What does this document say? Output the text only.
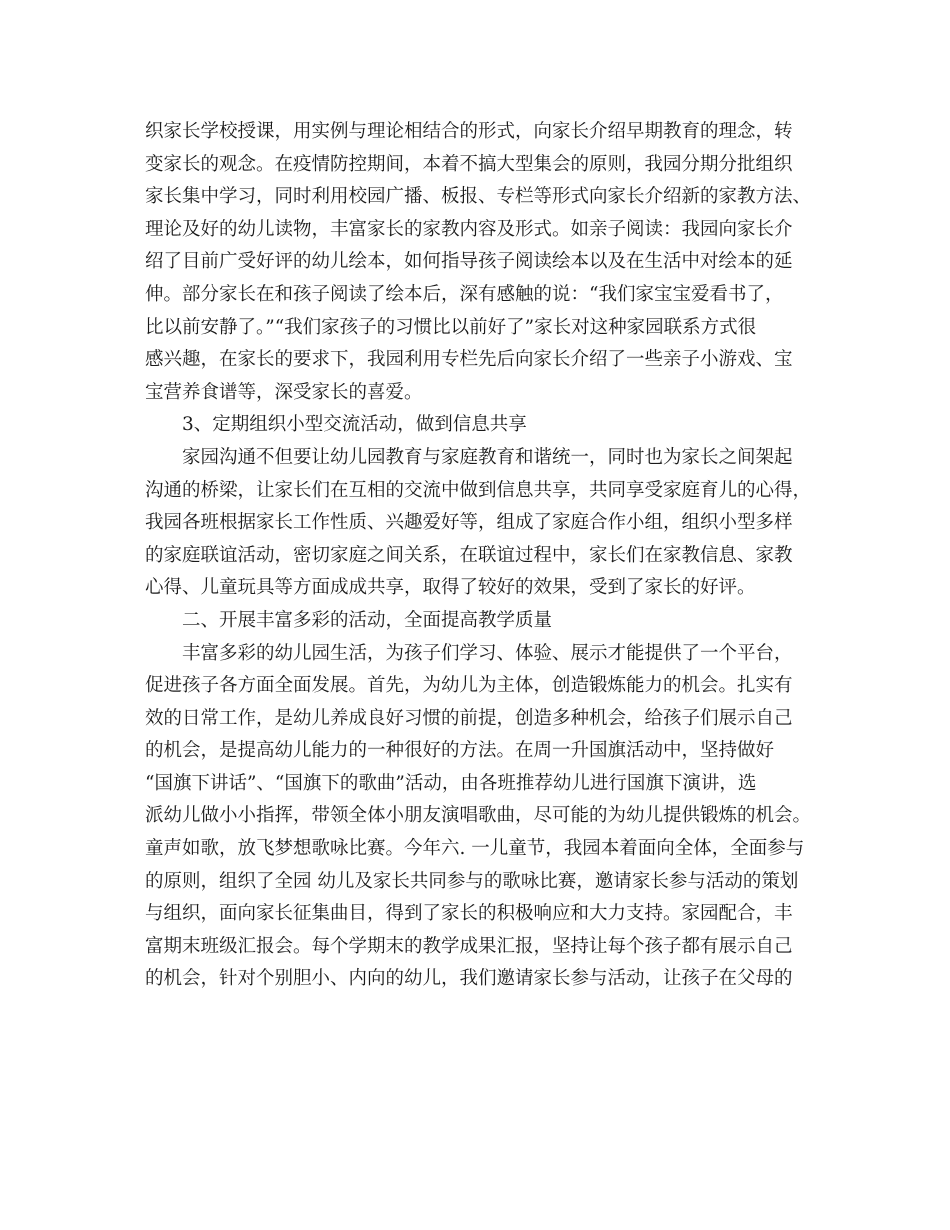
织家长学校授课，用实例与理论相结合的形式，向家长介绍早期教育的理念，转
变家长的观念。在疫情防控期间，本着不搞大型集会的原则，我园分期分批组织
家长集中学习，同时利用校园广播、板报、专栏等形式向家长介绍新的家教方法、
理论及好的幼儿读物，丰富家长的家教内容及形式。如亲子阅读：我园向家长介
绍了目前广受好评的幼儿绘本，如何指导孩子阅读绘本以及在生活中对绘本的延
伸。部分家长在和孩子阅读了绘本后，深有感触的说：“我们家宝宝爱看书了，
比以前安静了。”“我们家孩子的习惯比以前好了”家长对这种家园联系方式很
感兴趣，在家长的要求下，我园利用专栏先后向家长介绍了一些亲子小游戏、宝
宝营养食谱等，深受家长的喜爱。

3、定期组织小型交流活动，做到信息共享

家园沟通不但要让幼儿园教育与家庭教育和谐统一，同时也为家长之间架起
沟通的桥梁，让家长们在互相的交流中做到信息共享，共同享受家庭育儿的心得，
我园各班根据家长工作性质、兴趣爱好等，组成了家庭合作小组，组织小型多样
的家庭联谊活动，密切家庭之间关系，在联谊过程中，家长们在家教信息、家教
心得、儿童玩具等方面成成共享，取得了较好的效果，受到了家长的好评。

二、开展丰富多彩的活动，全面提高教学质量

丰富多彩的幼儿园生活，为孩子们学习、体验、展示才能提供了一个平台，
促进孩子各方面全面发展。首先，为幼儿为主体，创造锻炼能力的机会。扎实有
效的日常工作，是幼儿养成良好习惯的前提，创造多种机会，给孩子们展示自己
的机会，是提高幼儿能力的一种很好的方法。在周一升国旗活动中，坚持做好
“国旗下讲话”、“国旗下的歌曲”活动，由各班推荐幼儿进行国旗下演讲，选
派幼儿做小小指挥，带领全体小朋友演唱歌曲，尽可能的为幼儿提供锻炼的机会。
童声如歌，放飞梦想歌咏比赛。今年六. 一儿童节，我园本着面向全体，全面参与
的原则，组织了全园 幼儿及家长共同参与的歌咏比赛，邀请家长参与活动的策划
与组织，面向家长征集曲目，得到了家长的积极响应和大力支持。家园配合，丰
富期末班级汇报会。每个学期末的教学成果汇报，坚持让每个孩子都有展示自己
的机会，针对个别胆小、内向的幼儿，我们邀请家长参与活动，让孩子在父母的
